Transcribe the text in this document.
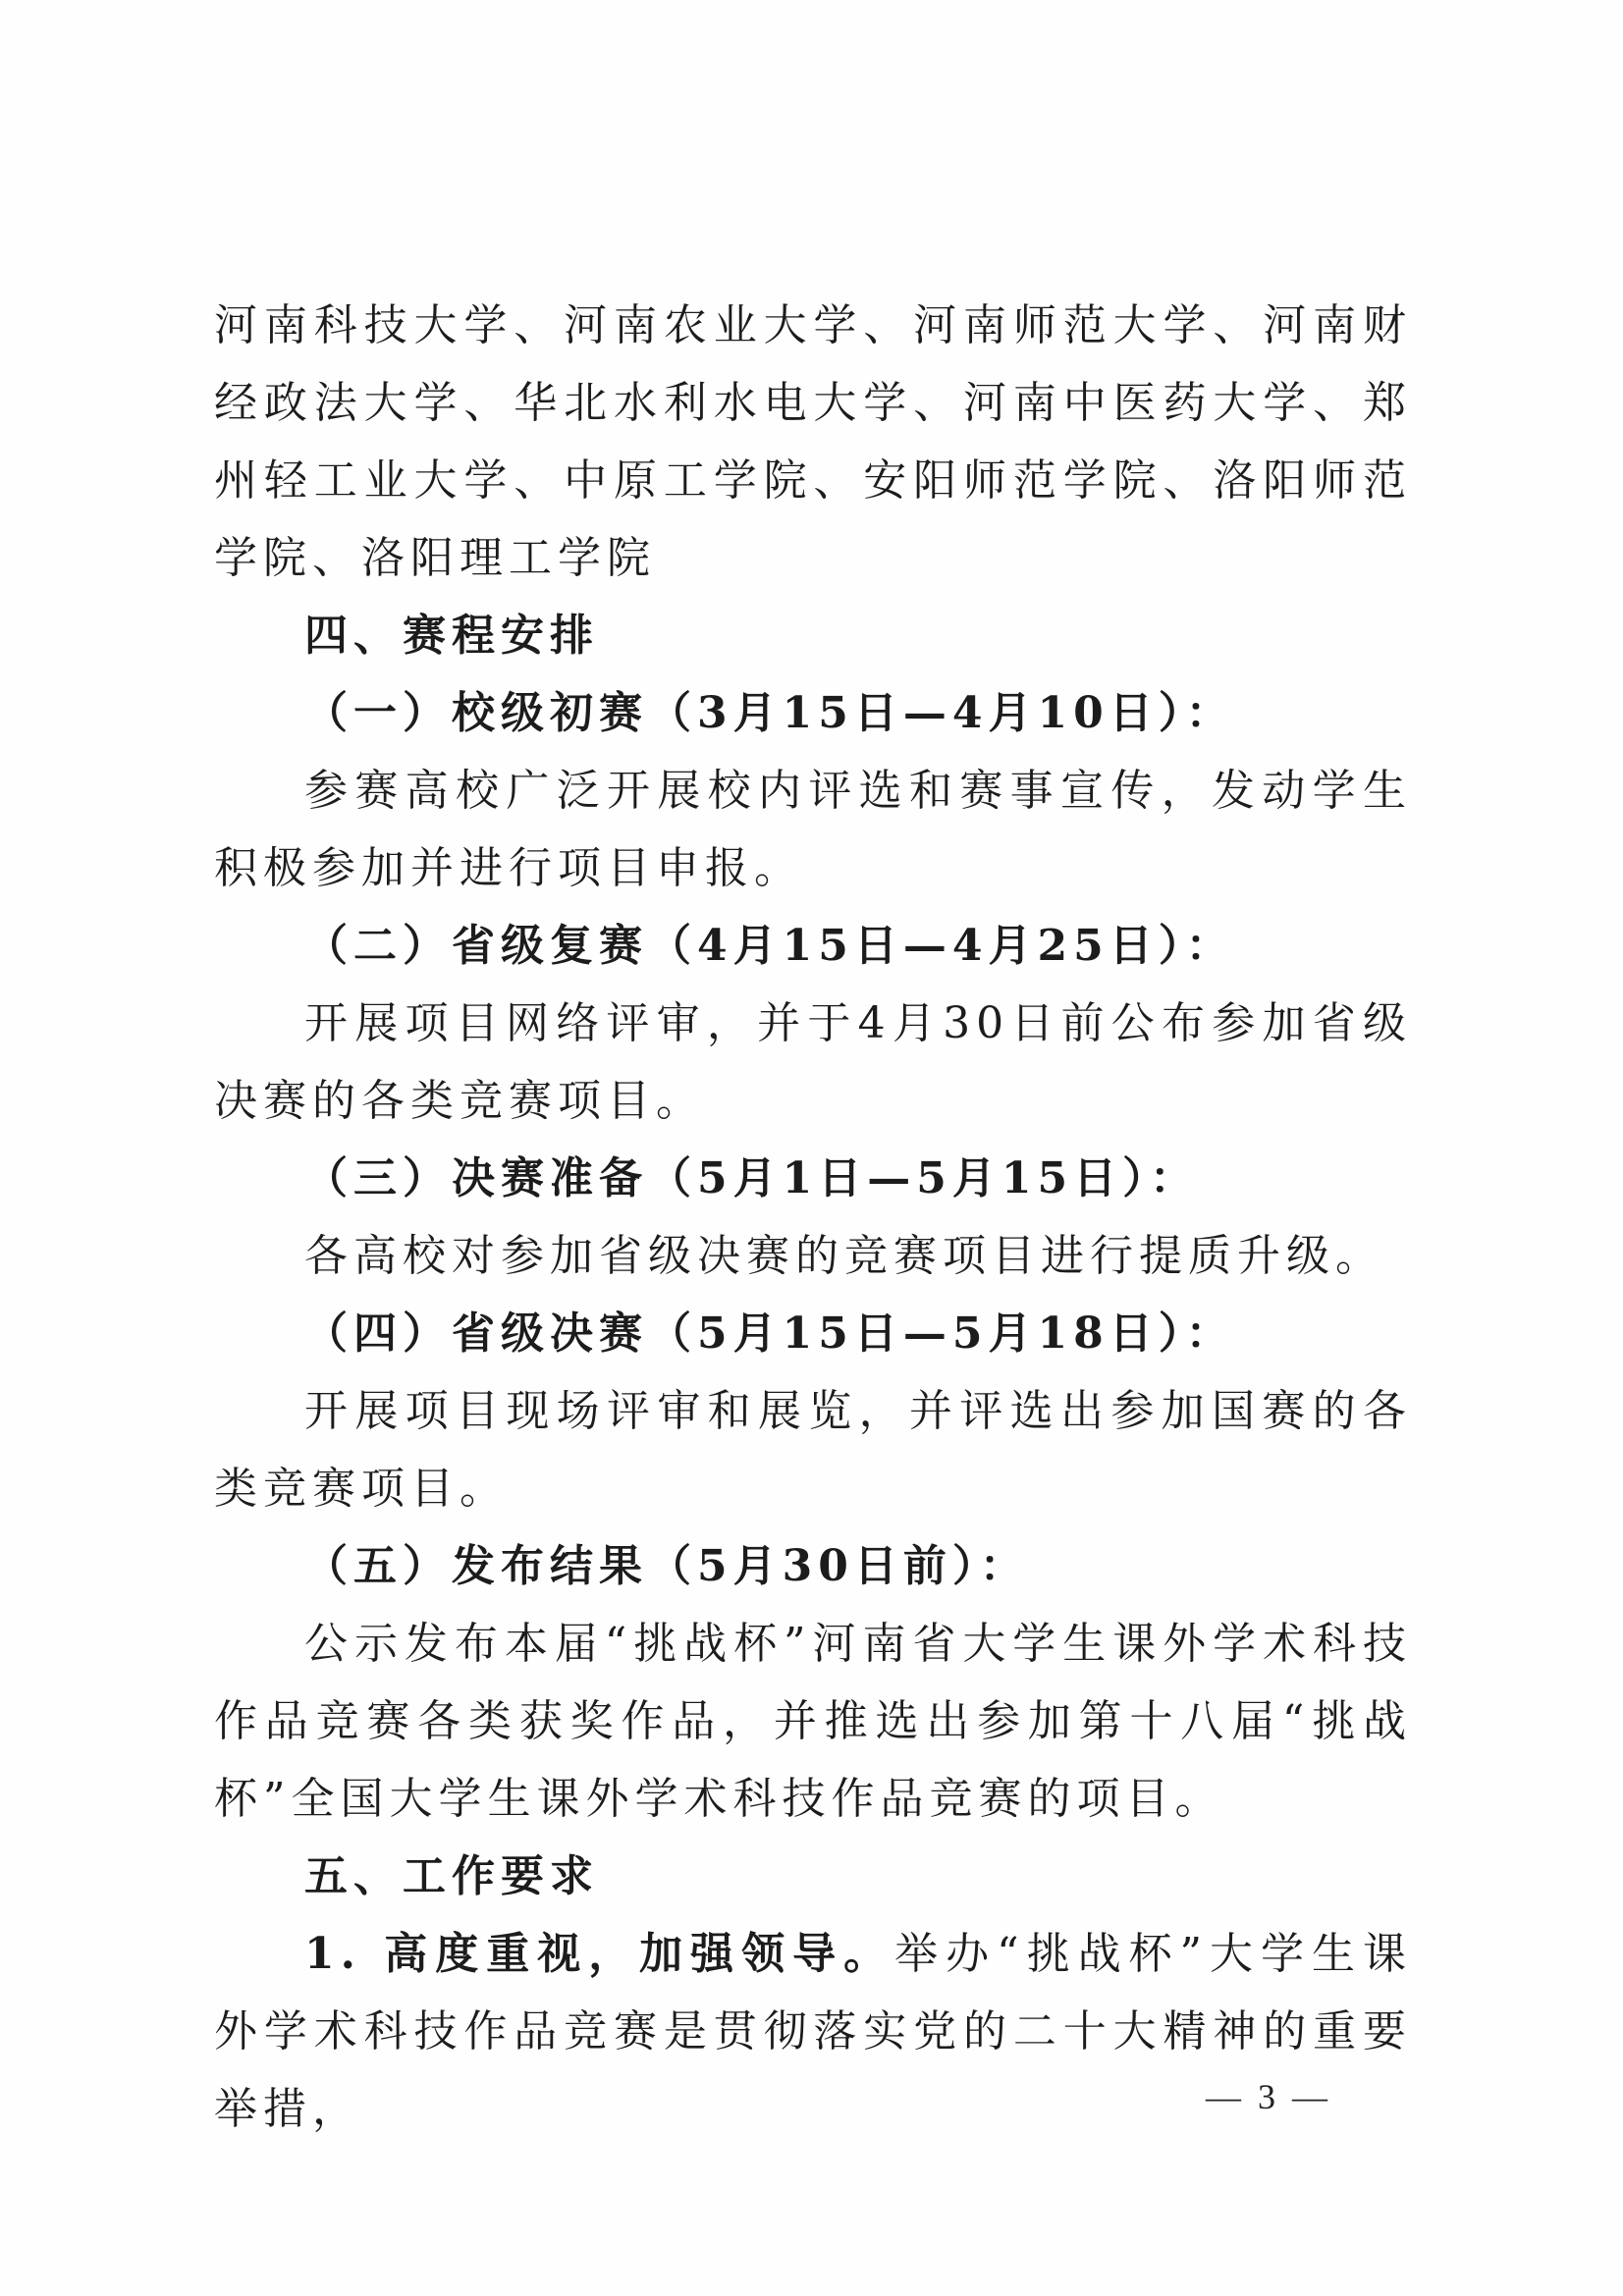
河南科技大学、河南农业大学、河南师范大学、河南财经政法大学、华北水利水电大学、河南中医药大学、郑州轻工业大学、中原工学院、安阳师范学院、洛阳师范学院、洛阳理工学院

四、赛程安排

（一）校级初赛（3月15日—4月10日）：

参赛高校广泛开展校内评选和赛事宣传，发动学生积极参加并进行项目申报。

（二）省级复赛（4月15日—4月25日）：

开展项目网络评审，并于4月30日前公布参加省级决赛的各类竞赛项目。

（三）决赛准备（5月1日—5月15日）：

各高校对参加省级决赛的竞赛项目进行提质升级。

（四）省级决赛（5月15日—5月18日）：

开展项目现场评审和展览，并评选出参加国赛的各类竞赛项目。

（五）发布结果（5月30日前）：

公示发布本届“挑战杯”河南省大学生课外学术科技作品竞赛各类获奖作品，并推选出参加第十八届“挑战杯”全国大学生课外学术科技作品竞赛的项目。

五、工作要求

1. 高度重视，加强领导。举办“挑战杯”大学生课外学术科技作品竞赛是贯彻落实党的二十大精神的重要举措，	— 3 —
